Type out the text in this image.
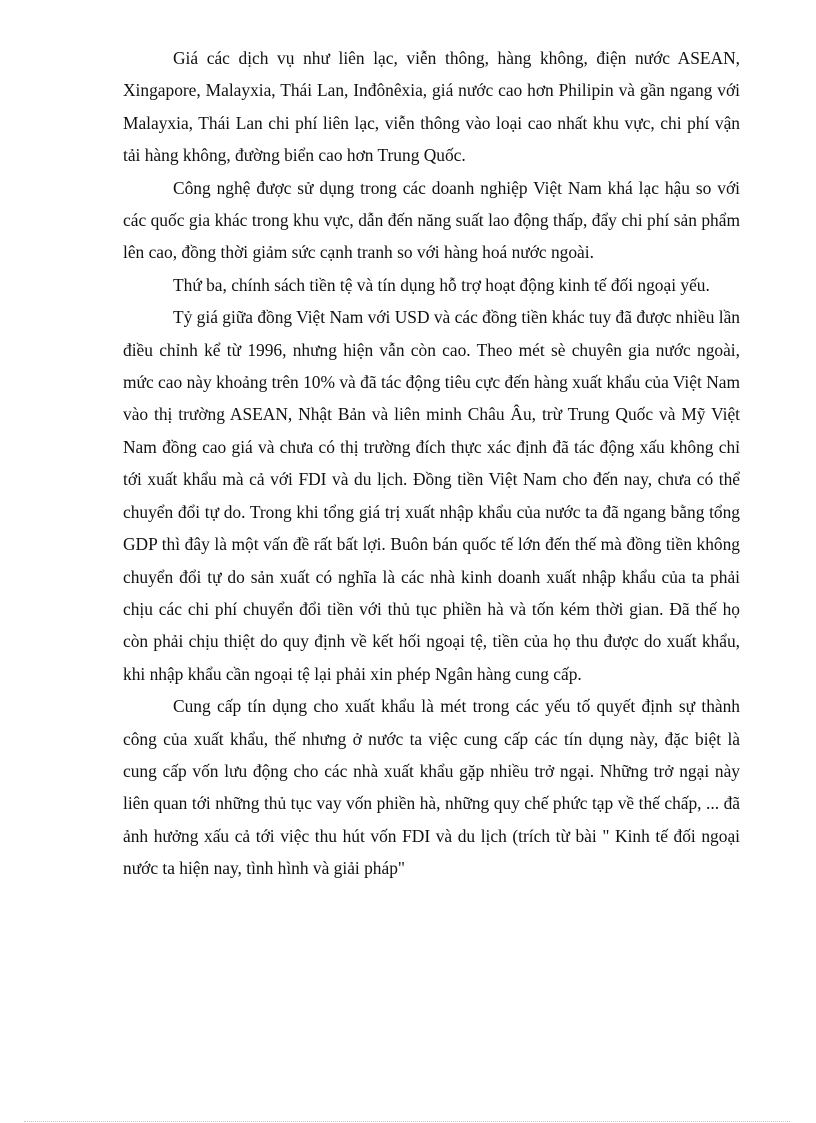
Giá các dịch vụ như liên lạc, viễn thông, hàng không, điện nước ASEAN, Xingapore, Malayxia, Thái Lan, Inđônêxia, giá nước cao hơn Philipin và gần ngang với Malayxia, Thái Lan chi phí liên lạc, viễn thông vào loại cao nhất khu vực, chi phí vận tải hàng không, đường biển cao hơn Trung Quốc.

Công nghệ được sử dụng trong các doanh nghiệp Việt Nam khá lạc hậu so với các quốc gia khác trong khu vực, dẫn đến năng suất lao động thấp, đẩy chi phí sản phẩm lên cao, đồng thời giảm sức cạnh tranh so với hàng hoá nước ngoài.

Thứ ba, chính sách tiền tệ và tín dụng hỗ trợ hoạt động kinh tế đối ngoại yếu.

Tỷ giá giữa đồng Việt Nam với USD và các đồng tiền khác tuy đã được nhiều lần điều chỉnh kể từ 1996, nhưng hiện vẫn còn cao. Theo mét sè chuyên gia nước ngoài, mức cao này khoảng trên 10% và đã tác động tiêu cực đến hàng xuất khẩu của Việt Nam vào thị trường ASEAN, Nhật Bản và liên minh Châu Âu, trừ Trung Quốc và Mỹ Việt Nam đồng cao giá và chưa có thị trường đích thực xác định đã tác động xấu không chỉ tới xuất khẩu mà cả với FDI và du lịch. Đồng tiền Việt Nam cho đến nay, chưa có thể chuyển đổi tự do. Trong khi tổng giá trị xuất nhập khẩu của nước ta đã ngang bằng tổng GDP thì đây là một vấn đề rất bất lợi. Buôn bán quốc tế lớn đến thế mà đồng tiền không chuyển đổi tự do sản xuất có nghĩa là các nhà kinh doanh xuất nhập khẩu của ta phải chịu các chi phí chuyển đổi tiền với thủ tục phiền hà và tốn kém thời gian. Đã thế họ còn phải chịu thiệt do quy định về kết hối ngoại tệ, tiền của họ thu được do xuất khẩu, khi nhập khẩu cần ngoại tệ lại phải xin phép Ngân hàng cung cấp.

Cung cấp tín dụng cho xuất khẩu là mét trong các yếu tố quyết định sự thành công của xuất khẩu, thế nhưng ở nước ta việc cung cấp các tín dụng này, đặc biệt là cung cấp vốn lưu động cho các nhà xuất khẩu gặp nhiều trở ngại. Những trở ngại này liên quan tới những thủ tục vay vốn phiền hà, những quy chế phức tạp về thế chấp, ... đã ảnh hưởng xấu cả tới việc thu hút vốn FDI và du lịch (trích từ bài " Kinh tế đối ngoại nước ta hiện nay, tình hình và giải pháp"
